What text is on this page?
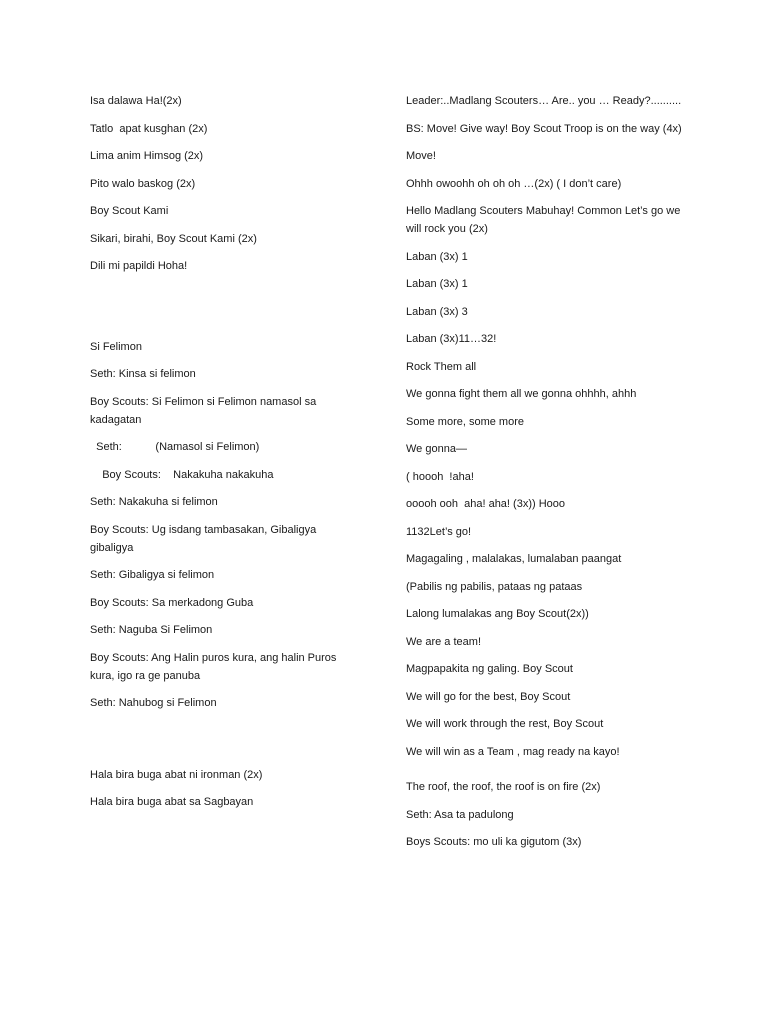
Isa dalawa Ha!(2x)
Tatlo  apat kusghan (2x)
Lima anim Himsog (2x)
Pito walo baskog (2x)
Boy Scout Kami
Sikari, birahi, Boy Scout Kami (2x)
Dili mi papildi Hoha!
Si Felimon
Seth: Kinsa si felimon
Boy Scouts: Si Felimon si Felimon namasol sa kadagatan
Seth:           (Namasol si Felimon)
Boy Scouts:    Nakakuha nakakuha
Seth: Nakakuha si felimon
Boy Scouts: Ug isdang tambasakan, Gibaligya gibaligya
Seth: Gibaligya si felimon
Boy Scouts: Sa merkadong Guba
Seth: Naguba Si Felimon
Boy Scouts: Ang Halin puros kura, ang halin Puros kura, igo ra ge panuba
Seth: Nahubog si Felimon
Hala bira buga abat ni ironman (2x)
Hala bira buga abat sa Sagbayan
Leader:..Madlang Scouters… Are.. you … Ready?..........
BS: Move! Give way! Boy Scout Troop is on the way (4x)
Move!
Ohhh owoohh oh oh oh …(2x) ( I don’t care)
Hello Madlang Scouters Mabuhay! Common Let’s go we will rock you (2x)
Laban (3x) 1
Laban (3x) 1
Laban (3x) 3
Laban (3x)11…32!
Rock Them all
We gonna fight them all we gonna ohhhh, ahhh
Some more, some more
We gonna—
( hoooh  !aha!
ooooh ooh  aha! aha! (3x)) Hooo
1132Let’s go!
Magagaling , malalakas, lumalaban paangat
(Pabilis ng pabilis, pataas ng pataas
Lalong lumalakas ang Boy Scout(2x))
We are a team!
Magpapakita ng galing. Boy Scout
We will go for the best, Boy Scout
We will work through the rest, Boy Scout
We will win as a Team , mag ready na kayo!
The roof, the roof, the roof is on fire (2x)
Seth: Asa ta padulong
Boys Scouts: mo uli ka gigutom (3x)
